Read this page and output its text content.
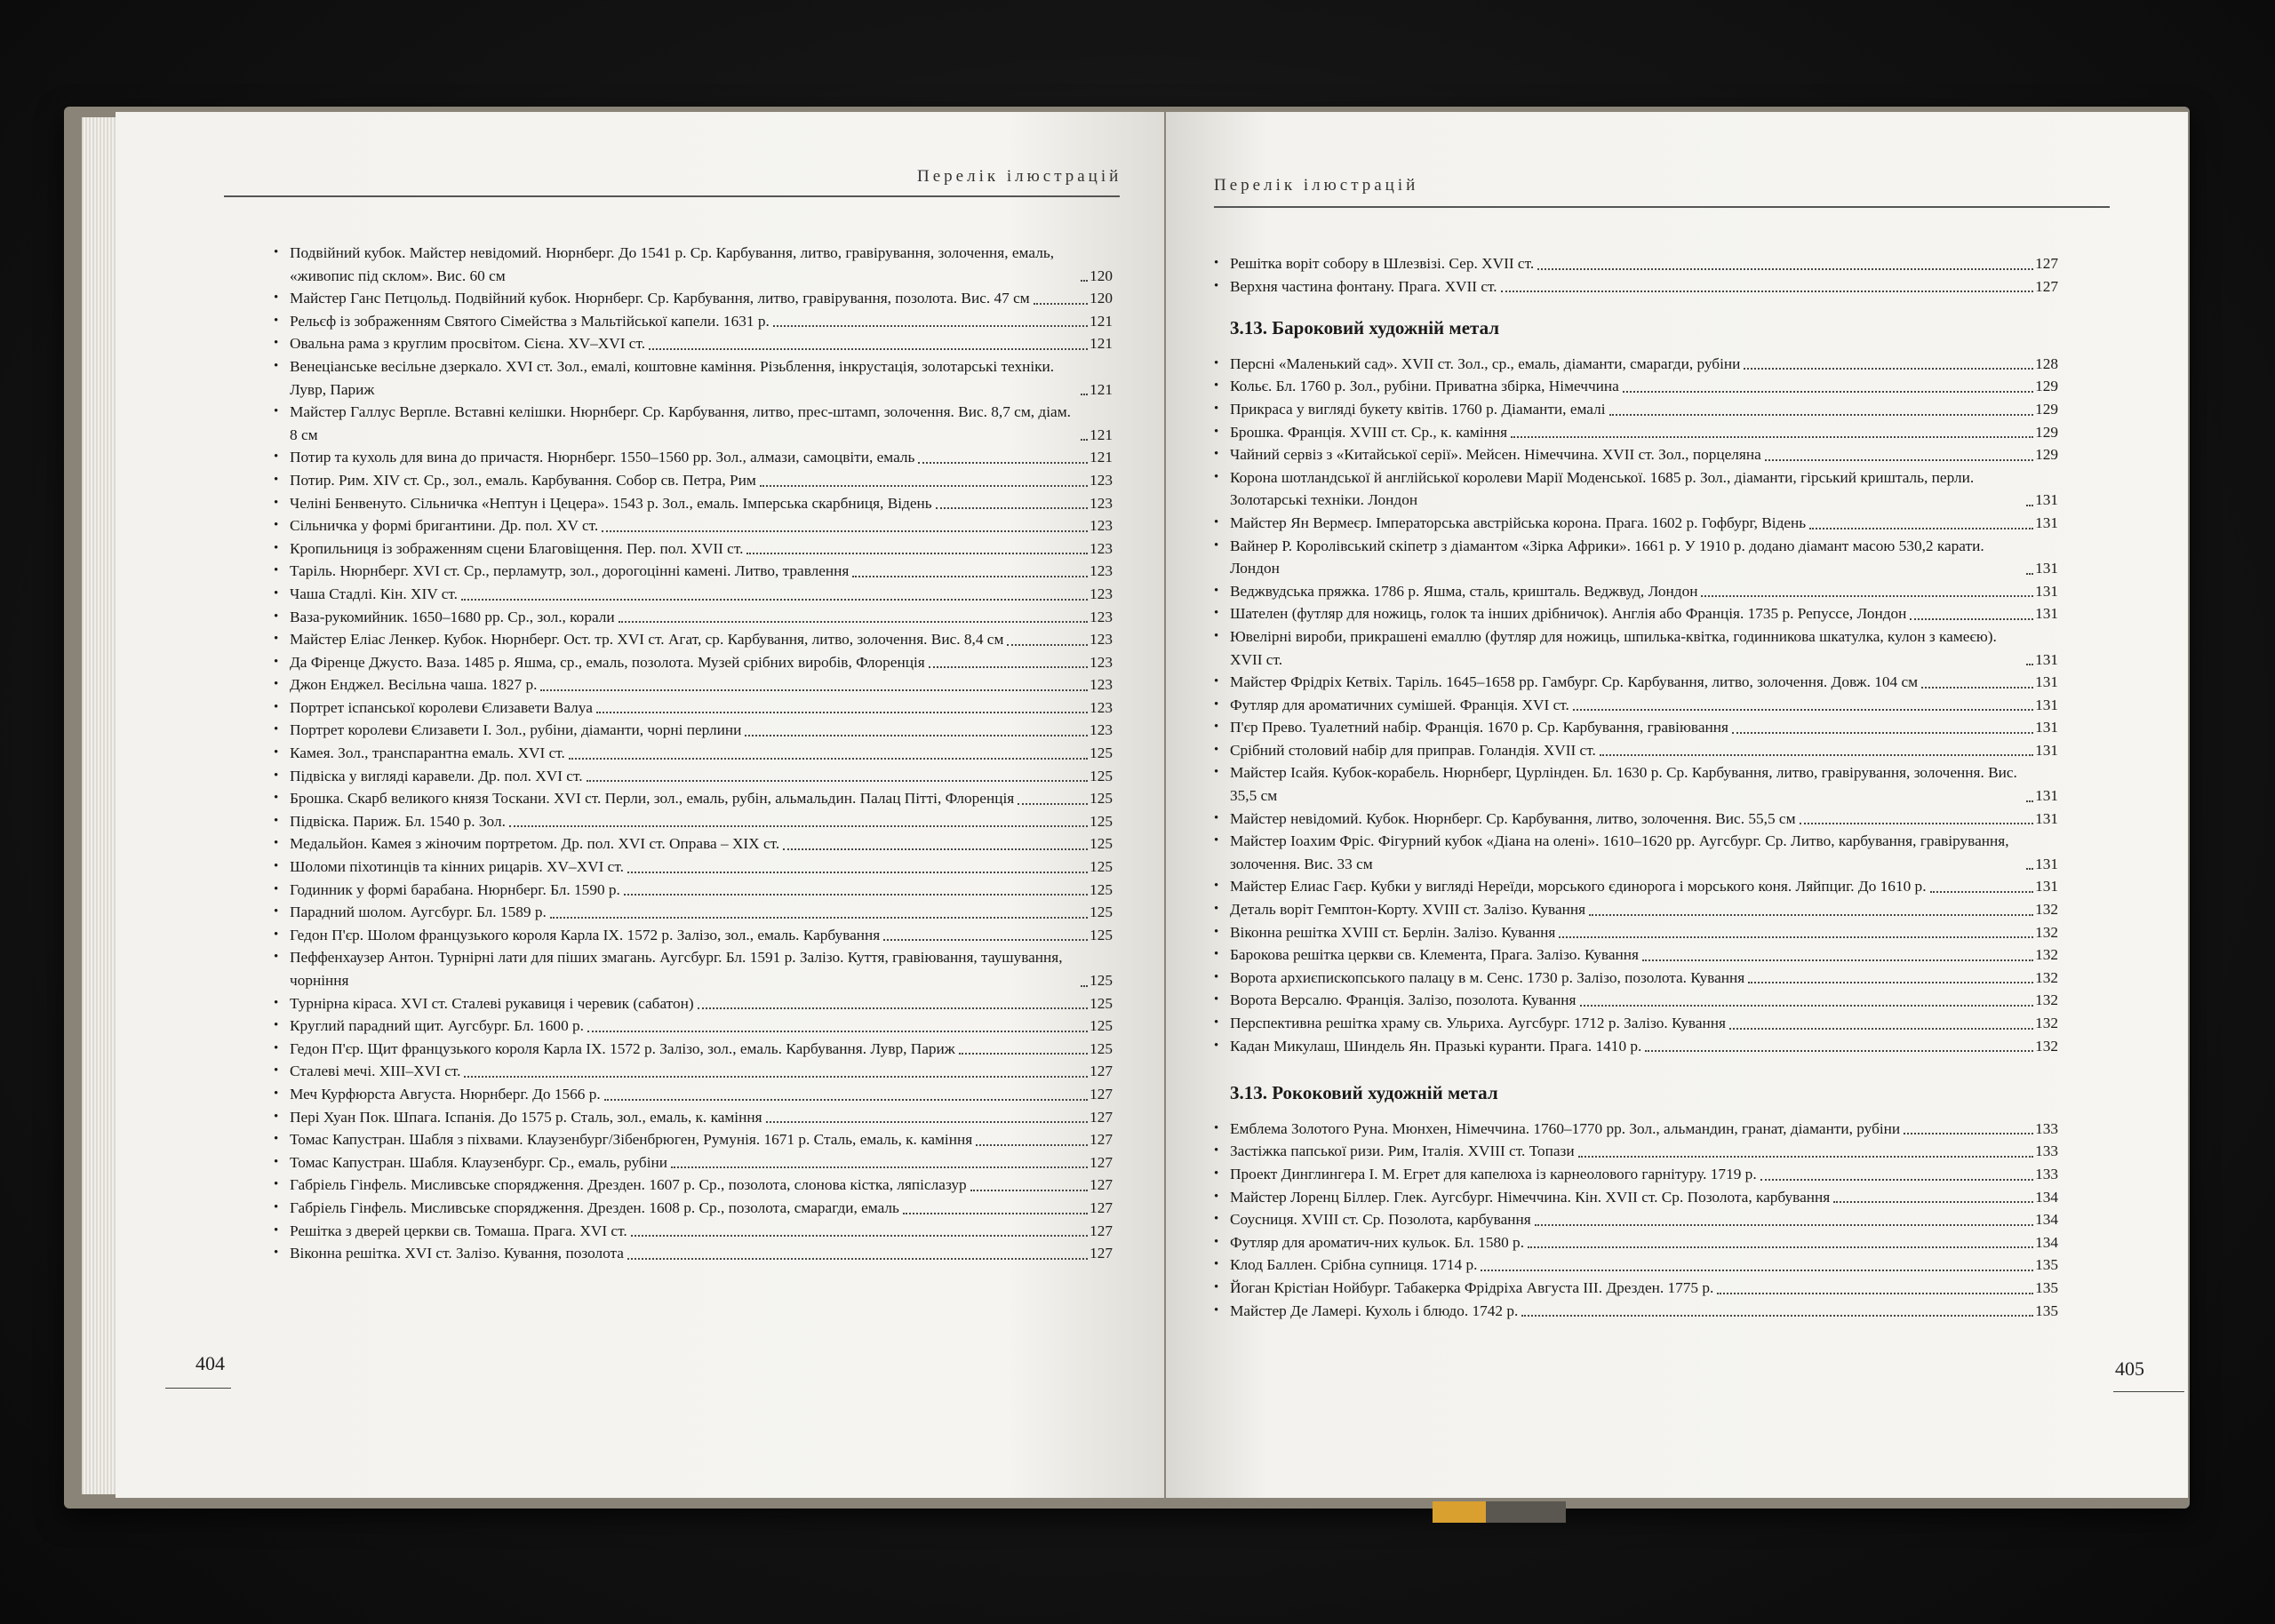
Перелік ілюстрацій	Перелік ілюстрацій
404	405
• Подвійний кубок. Майстер невідомий. Нюрнберг. До 1541 р. Ср. Карбування, литво, гравірування, золочення, емаль, «живопис під склом». Вис. 60 см	120
• Майстер Ганс Петцольд. Подвійний кубок. Нюрнберг. Ср. Карбування, литво, гравірування, позолота. Вис. 47 см	120
• Рельєф із зображенням Святого Сімейства з Мальтійської капели. 1631 р.	121
• Овальна рама з круглим просвітом. Сієна. XV–XVI ст.	121
• Венеціанське весільне дзеркало. XVI ст. Зол., емалі, коштовне каміння. Різьблення, інкрустація, золотарські техніки. Лувр, Париж	121
• Майстер Галлус Верпле. Вставні келішки. Нюрнберг. Ср. Карбування, литво, прес-штамп, золочення. Вис. 8,7 см, діам. 8 см	121
• Потир та кухоль для вина до причастя. Нюрнберг. 1550–1560 рр. Зол., алмази, самоцвіти, емаль	121
• Потир. Рим. XIV ст. Ср., зол., емаль. Карбування. Собор св. Петра, Рим	123
• Челіні Бенвенуто. Сільничка «Нептун і Цецера». 1543 р. Зол., емаль. Імперська скарбниця, Відень	123
• Сільничка у формі бригантини. Др. пол. XV ст.	123
• Кропильниця із зображенням сцени Благовіщення. Пер. пол. XVII ст.	123
• Таріль. Нюрнберг. XVI ст. Ср., перламутр, зол., дорогоцінні камені. Литво, травлення	123
• Чаша Стадлі. Кін. XIV ст.	123
• Ваза-рукомийник. 1650–1680 рр. Ср., зол., корали	123
• Майстер Еліас Ленкер. Кубок. Нюрнберг. Ост. тр. XVI ст. Агат, ср. Карбування, литво, золочення. Вис. 8,4 см	123
• Да Фіренце Джусто. Ваза. 1485 р. Яшма, ср., емаль, позолота. Музей срібних виробів, Флоренція	123
• Джон Енджел. Весільна чаша. 1827 р.	123
• Портрет іспанської королеви Єлизавети Валуа	123
• Портрет королеви Єлизавети I. Зол., рубіни, діаманти, чорні перлини	123
• Камея. Зол., транспарантна емаль. XVI ст.	125
• Підвіска у вигляді каравели. Др. пол. XVI ст.	125
• Брошка. Скарб великого князя Тоскани. XVI ст. Перли, зол., емаль, рубін, альмальдин. Палац Пітті, Флоренція	125
• Підвіска. Париж. Бл. 1540 р. Зол.	125
• Медальйон. Камея з жіночим портретом. Др. пол. XVI ст. Оправа – XIX ст.	125
• Шоломи піхотинців та кінних рицарів. XV–XVI ст.	125
• Годинник у формі барабана. Нюрнберг. Бл. 1590 р.	125
• Парадний шолом. Аугсбург. Бл. 1589 р.	125
• Гедон П'єр. Шолом французького короля Карла IX. 1572 р. Залізо, зол., емаль. Карбування	125
• Пеффенхаузер Антон. Турнірні лати для піших змагань. Аугсбург. Бл. 1591 р. Залізо. Куття, гравіювання, таушування, чорніння	125
• Турнірна кіраса. XVI ст. Сталеві рукавиця і черевик (сабатон)	125
• Круглий парадний щит. Аугсбург. Бл. 1600 р.	125
• Гедон П'єр. Щит французького короля Карла IX. 1572 р. Залізо, зол., емаль. Карбування. Лувр, Париж	125
• Сталеві мечі. XIII–XVI ст.	127
• Меч Курфюрста Августа. Нюрнберг. До 1566 р.	127
• Пері Хуан Пок. Шпага. Іспанія. До 1575 р. Сталь, зол., емаль, к. каміння	127
• Томас Капустран. Шабля з піхвами. Клаузенбург/Зібенбрюген, Румунія. 1671 р. Сталь, емаль, к. каміння	127
• Томас Капустран. Шабля. Клаузенбург. Ср., емаль, рубіни	127
• Габріель Гінфель. Мисливське спорядження. Дрезден. 1607 р. Ср., позолота, слонова кістка, ляпіслазур	127
• Габріель Гінфель. Мисливське спорядження. Дрезден. 1608 р. Ср., позолота, смарагди, емаль	127
• Решітка з дверей церкви св. Томаша. Прага. XVI ст.	127
• Віконна решітка. XVI ст. Залізо. Кування, позолота	127
• Решітка воріт собору в Шлезвізі. Сер. XVII ст.	127
• Верхня частина фонтану. Прага. XVII ст.	127
3.13. Бароковий художній метал
• Персні «Маленький сад». XVII ст. Зол., ср., емаль, діаманти, смарагди, рубіни	128
• Кольє. Бл. 1760 р. Зол., рубіни. Приватна збірка, Німеччина	129
• Прикраса у вигляді букету квітів. 1760 р. Діаманти, емалі	129
• Брошка. Франція. XVIII ст. Ср., к. каміння	129
• Чайний сервіз з «Китайської серії». Мейсен. Німеччина. XVII ст. Зол., порцеляна	129
• Корона шотландської й англійської королеви Марії Моденської. 1685 р. Зол., діаманти, гірський кришталь, перли. Золотарські техніки. Лондон	131
• Майстер Ян Вермеєр. Імператорська австрійська корона. Прага. 1602 р. Гофбург, Відень	131
• Вайнер Р. Королівський скіпетр з діамантом «Зірка Африки». 1661 р. У 1910 р. додано діамант масою 530,2 карати. Лондон	131
• Веджвудська пряжка. 1786 р. Яшма, сталь, кришталь. Веджвуд, Лондон	131
• Шателен (футляр для ножиць, голок та інших дрібничок). Англія або Франція. 1735 р. Репуссе, Лондон	131
• Ювелірні вироби, прикрашені емаллю (футляр для ножиць, шпилька-квітка, годинникова шкатулка, кулон з камеєю). XVII ст.	131
• Майстер Фрідріх Кетвіх. Таріль. 1645–1658 рр. Гамбург. Ср. Карбування, литво, золочення. Довж. 104 см	131
• Футляр для ароматичних сумішей. Франція. XVI ст.	131
• П'єр Прево. Туалетний набір. Франція. 1670 р. Ср. Карбування, гравіювання	131
• Срібний столовий набір для приправ. Голандія. XVII ст.	131
• Майстер Ісайя. Кубок-корабель. Нюрнберг, Цурлінден. Бл. 1630 р. Ср. Карбування, литво, гравірування, золочення. Вис. 35,5 см	131
• Майстер невідомий. Кубок. Нюрнберг. Ср. Карбування, литво, золочення. Вис. 55,5 см	131
• Майстер Іоахим Фріс. Фігурний кубок «Діана на олені». 1610–1620 рр. Аугсбург. Ср. Литво, карбування, гравірування, золочення. Вис. 33 см	131
• Майстер Елиас Гаєр. Кубки у вигляді Нереїди, морського єдинорога і морського коня. Ляйпциг. До 1610 р.	131
• Деталь воріт Гемптон-Корту. XVIII ст. Залізо. Кування	132
• Віконна решітка XVIII ст. Берлін. Залізо. Кування	132
• Барокова решітка церкви св. Клемента, Прага. Залізо. Кування	132
• Ворота архиєпископського палацу в м. Сенс. 1730 р. Залізо, позолота. Кування	132
• Ворота Версалю. Франція. Залізо, позолота. Кування	132
• Перспективна решітка храму св. Ульриха. Аугсбург. 1712 р. Залізо. Кування	132
• Кадан Микулаш, Шиндель Ян. Празькі куранти. Прага. 1410 р.	132
3.13. Рококовий художній метал
• Емблема Золотого Руна. Мюнхен, Німеччина. 1760–1770 рр. Зол., альмандин, гранат, діаманти, рубіни	133
• Застіжка папської ризи. Рим, Італія. XVIII ст. Топази	133
• Проект Динглингера І. М. Егрет для капелюха із карнеолового гарнітуру. 1719 р.	133
• Майстер Лоренц Біллер. Глек. Аугсбург. Німеччина. Кін. XVII ст. Ср. Позолота, карбування	134
• Соусниця. XVIII ст. Ср. Позолота, карбування	134
• Футляр для ароматич-них кульок. Бл. 1580 р.	134
• Клод Баллен. Срібна супниця. 1714 р.	135
• Йоган Крістіан Нойбург. Табакерка Фрідріха Августа III. Дрезден. 1775 р.	135
• Майстер Де Ламері. Кухоль і блюдо. 1742 р.	135
